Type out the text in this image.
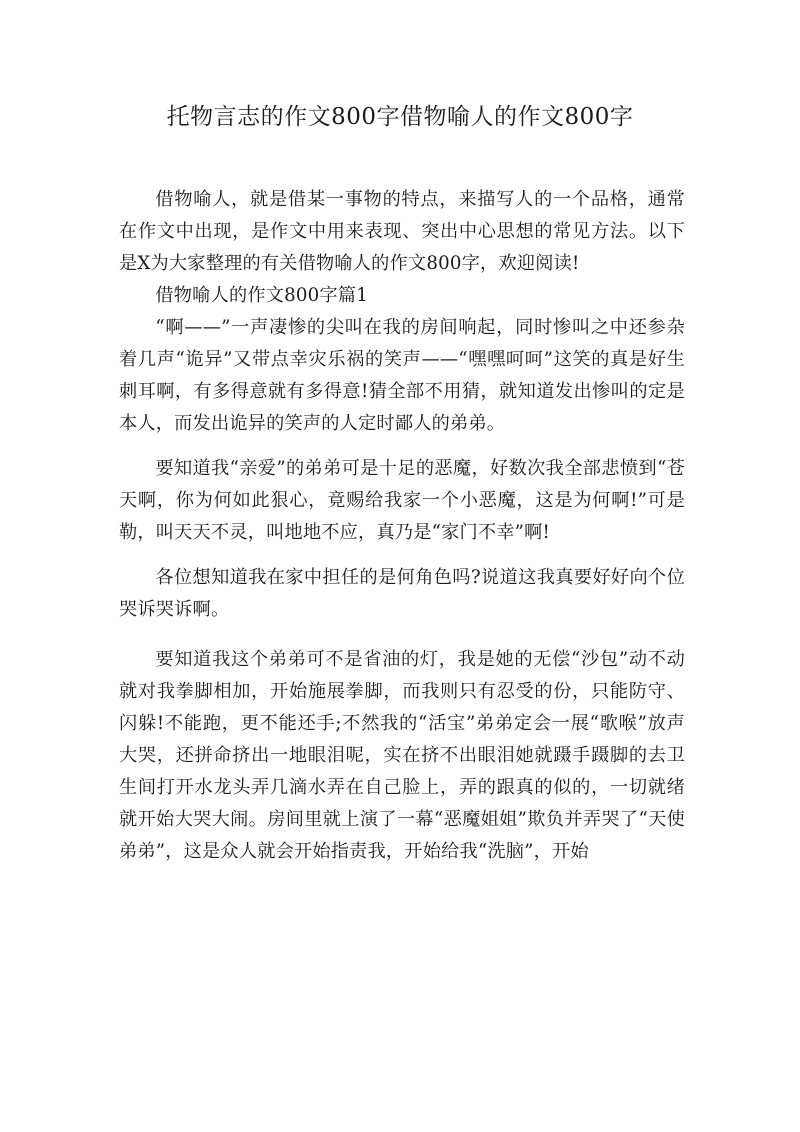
托物言志的作文800字借物喻人的作文800字

借物喻人，就是借某一事物的特点，来描写人的一个品格，通常在作文中出现，是作文中用来表现、突出中心思想的常见方法。以下是X为大家整理的有关借物喻人的作文800字，欢迎阅读!

借物喻人的作文800字篇1

“啊——”一声凄惨的尖叫在我的房间响起，同时惨叫之中还参杂着几声“诡异”又带点幸灾乐祸的笑声——“嘿嘿呵呵”这笑的真是好生刺耳啊，有多得意就有多得意!猜全部不用猜，就知道发出惨叫的定是本人，而发出诡异的笑声的人定时鄙人的弟弟。

要知道我“亲爱”的弟弟可是十足的恶魔，好数次我全部悲愤到“苍天啊，你为何如此狠心，竟赐给我家一个小恶魔，这是为何啊!”可是勒，叫天天不灵，叫地地不应，真乃是“家门不幸”啊!

各位想知道我在家中担任的是何角色吗?说道这我真要好好向个位哭诉哭诉啊。

要知道我这个弟弟可不是省油的灯，我是她的无偿“沙包”动不动就对我拳脚相加，开始施展拳脚，而我则只有忍受的份，只能防守、闪躲!不能跑，更不能还手;不然我的“活宝”弟弟定会一展“歌喉”放声大哭，还拼命挤出一地眼泪呢，实在挤不出眼泪她就蹑手蹑脚的去卫生间打开水龙头弄几滴水弄在自己脸上，弄的跟真的似的，一切就绪就开始大哭大闹。房间里就上演了一幕“恶魔姐姐”欺负并弄哭了“天使弟弟”，这是众人就会开始指责我，开始给我“洗脑”，开始
